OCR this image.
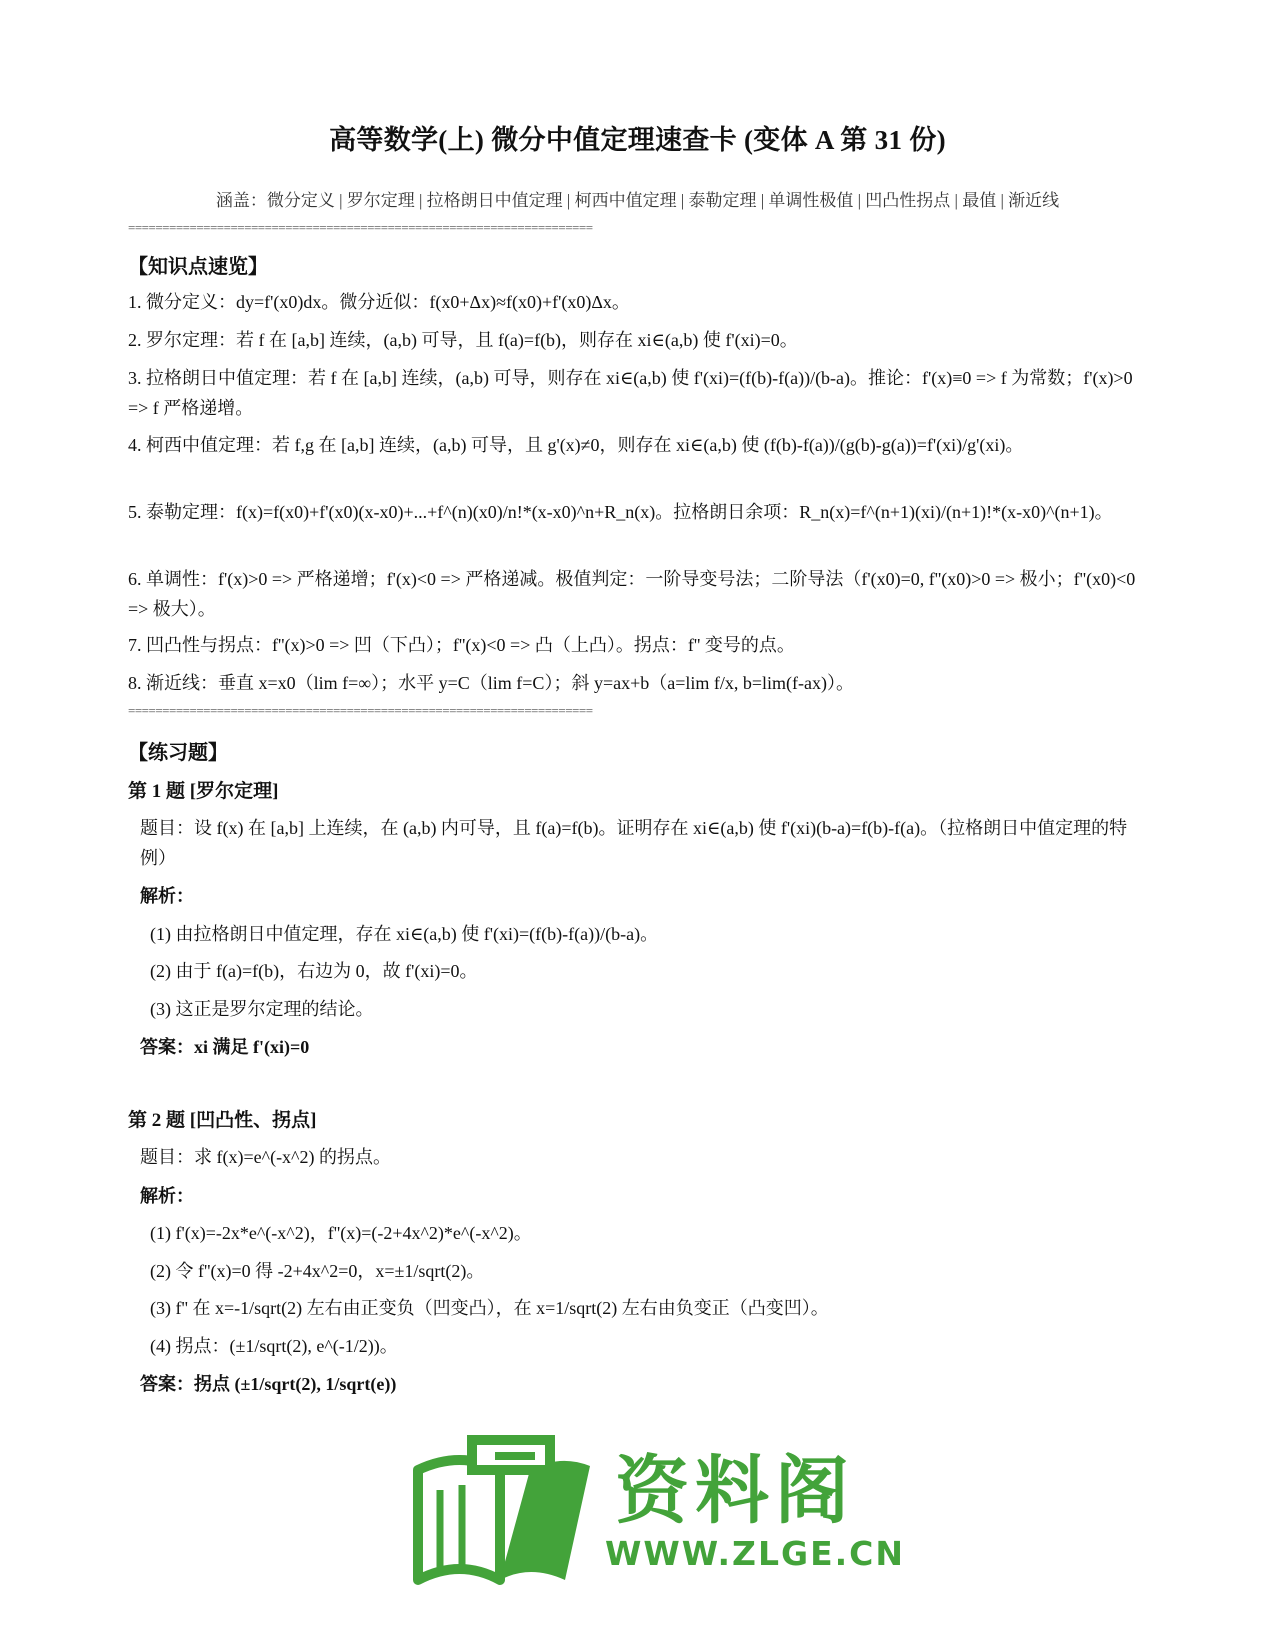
高等数学(上) 微分中值定理速查卡 (变体 A 第 31 份)
涵盖：微分定义 | 罗尔定理 | 拉格朗日中值定理 | 柯西中值定理 | 泰勒定理 | 单调性极值 | 凹凸性拐点 | 最值 | 渐近线
====================================================================
【知识点速览】
1. 微分定义：dy=f'(x0)dx。微分近似：f(x0+Δx)≈f(x0)+f'(x0)Δx。
2. 罗尔定理：若 f 在 [a,b] 连续，(a,b) 可导，且 f(a)=f(b)，则存在 xi∈(a,b) 使 f'(xi)=0。
3. 拉格朗日中值定理：若 f 在 [a,b] 连续，(a,b) 可导，则存在 xi∈(a,b) 使 f'(xi)=(f(b)-f(a))/(b-a)。推论：f'(x)≡0 => f 为常数；f'(x)>0 => f 严格递增。
4. 柯西中值定理：若 f,g 在 [a,b] 连续，(a,b) 可导，且 g'(x)≠0，则存在 xi∈(a,b) 使 (f(b)-f(a))/(g(b)-g(a))=f'(xi)/g'(xi)。
5. 泰勒定理：f(x)=f(x0)+f'(x0)(x-x0)+...+f^(n)(x0)/n!*(x-x0)^n+R_n(x)。拉格朗日余项：R_n(x)=f^(n+1)(xi)/(n+1)!*(x-x0)^(n+1)。
6. 单调性：f'(x)>0 => 严格递增；f'(x)<0 => 严格递减。极值判定：一阶导变号法；二阶导法（f'(x0)=0, f''(x0)>0 => 极小；f''(x0)<0 => 极大）。
7. 凹凸性与拐点：f''(x)>0 => 凹（下凸）；f''(x)<0 => 凸（上凸）。拐点：f'' 变号的点。
8. 渐近线：垂直 x=x0（lim f=∞）；水平 y=C（lim f=C）；斜 y=ax+b（a=lim f/x, b=lim(f-ax)）。
====================================================================
【练习题】
第 1 题 [罗尔定理]
题目：设 f(x) 在 [a,b] 上连续，在 (a,b) 内可导，且 f(a)=f(b)。证明存在 xi∈(a,b) 使 f'(xi)(b-a)=f(b)-f(a)。（拉格朗日中值定理的特例）
解析：
(1) 由拉格朗日中值定理，存在 xi∈(a,b) 使 f'(xi)=(f(b)-f(a))/(b-a)。
(2) 由于 f(a)=f(b)，右边为 0，故 f'(xi)=0。
(3) 这正是罗尔定理的结论。
答案：xi 满足 f'(xi)=0
第 2 题 [凹凸性、拐点]
题目：求 f(x)=e^(-x^2) 的拐点。
解析：
(1) f'(x)=-2x*e^(-x^2)，f''(x)=(-2+4x^2)*e^(-x^2)。
(2) 令 f''(x)=0 得 -2+4x^2=0，x=±1/sqrt(2)。
(3) f'' 在 x=-1/sqrt(2) 左右由正变负（凹变凸），在 x=1/sqrt(2) 左右由负变正（凸变凹）。
(4) 拐点：(±1/sqrt(2), e^(-1/2))。
答案：拐点 (±1/sqrt(2), 1/sqrt(e))
资料阁
WWW.ZLGE.CN
